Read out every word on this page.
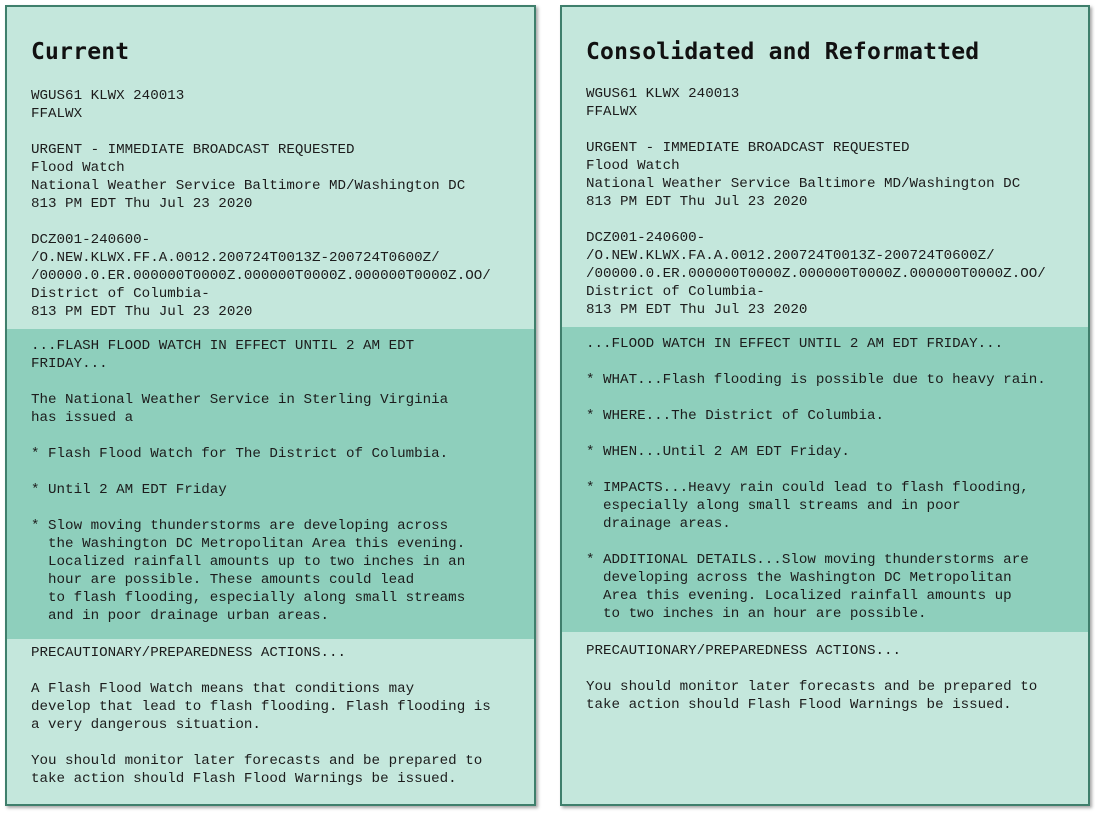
Current
WGUS61 KLWX 240013
FFALWX
URGENT - IMMEDIATE BROADCAST REQUESTED
Flood Watch
National Weather Service Baltimore MD/Washington DC
813 PM EDT Thu Jul 23 2020
DCZ001-240600-
/O.NEW.KLWX.FF.A.0012.200724T0013Z-200724T0600Z/
/00000.0.ER.000000T0000Z.000000T0000Z.000000T0000Z.OO/
District of Columbia-
813 PM EDT Thu Jul 23 2020
...FLASH FLOOD WATCH IN EFFECT UNTIL 2 AM EDT
FRIDAY...
The National Weather Service in Sterling Virginia
has issued a
* Flash Flood Watch for The District of Columbia.
* Until 2 AM EDT Friday
* Slow moving thunderstorms are developing across
the Washington DC Metropolitan Area this evening.
Localized rainfall amounts up to two inches in an
hour are possible. These amounts could lead
to flash flooding, especially along small streams
and in poor drainage urban areas.
PRECAUTIONARY/PREPAREDNESS ACTIONS...
A Flash Flood Watch means that conditions may
develop that lead to flash flooding. Flash flooding is
a very dangerous situation.
You should monitor later forecasts and be prepared to
take action should Flash Flood Warnings be issued.
Consolidated and Reformatted
WGUS61 KLWX 240013
FFALWX
URGENT - IMMEDIATE BROADCAST REQUESTED
Flood Watch
National Weather Service Baltimore MD/Washington DC
813 PM EDT Thu Jul 23 2020
DCZ001-240600-
/O.NEW.KLWX.FA.A.0012.200724T0013Z-200724T0600Z/
/00000.0.ER.000000T0000Z.000000T0000Z.000000T0000Z.OO/
District of Columbia-
813 PM EDT Thu Jul 23 2020
...FLOOD WATCH IN EFFECT UNTIL 2 AM EDT FRIDAY...
* WHAT...Flash flooding is possible due to heavy rain.
* WHERE...The District of Columbia.
* WHEN...Until 2 AM EDT Friday.
* IMPACTS...Heavy rain could lead to flash flooding,
especially along small streams and in poor
drainage areas.
* ADDITIONAL DETAILS...Slow moving thunderstorms are
developing across the Washington DC Metropolitan
Area this evening. Localized rainfall amounts up
to two inches in an hour are possible.
PRECAUTIONARY/PREPAREDNESS ACTIONS...
You should monitor later forecasts and be prepared to
take action should Flash Flood Warnings be issued.
